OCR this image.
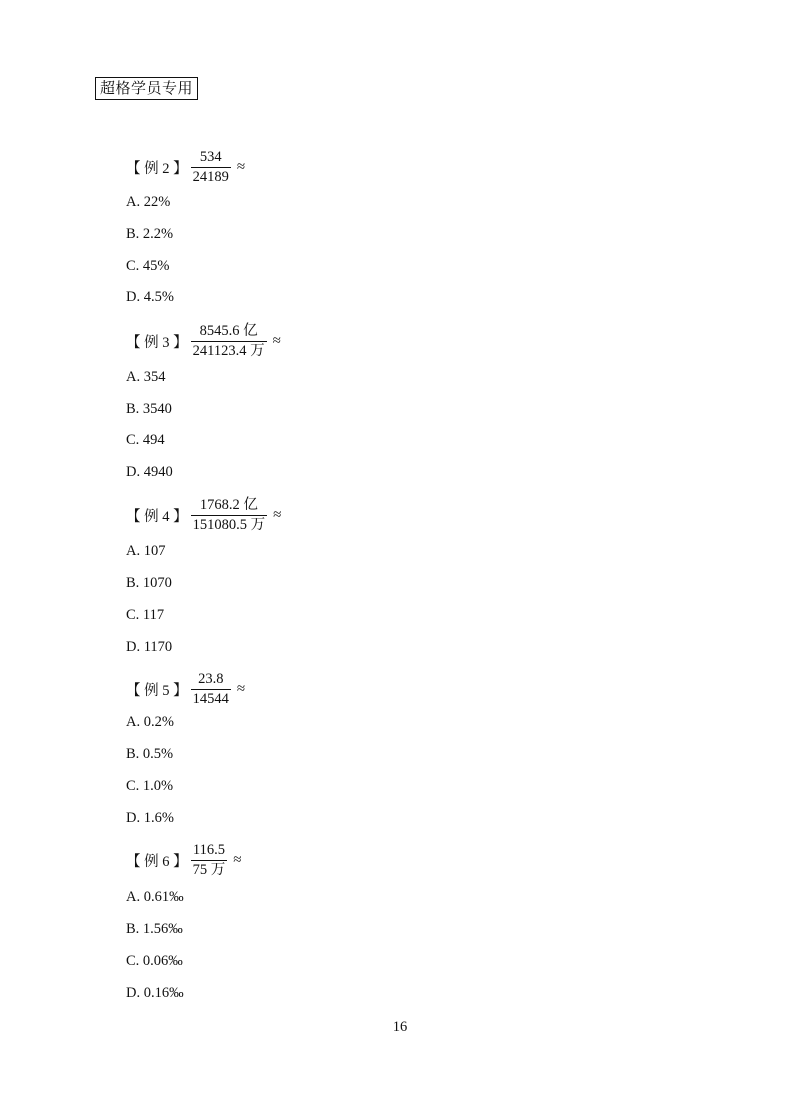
超格学员专用
【 例 2 】 $\frac{534}{24189}$ ≈
A. 22%
B. 2.2%
C. 45%
D. 4.5%
【 例 3 】 $\frac{\text{8545.6 亿}}{\text{241123.4 万}}$ ≈
A. 354
B. 3540
C. 494
D. 4940
【 例 4 】 $\frac{\text{1768.2 亿}}{\text{151080.5 万}}$ ≈
A. 107
B. 1070
C. 117
D. 1170
【 例 5 】 $\frac{23.8}{14544}$ ≈
A. 0.2%
B. 0.5%
C. 1.0%
D. 1.6%
【 例 6 】 $\frac{116.5}{\text{75 万}}$ ≈
A. 0.61‰
B. 1.56‰
C. 0.06‰
D. 0.16‰
16
